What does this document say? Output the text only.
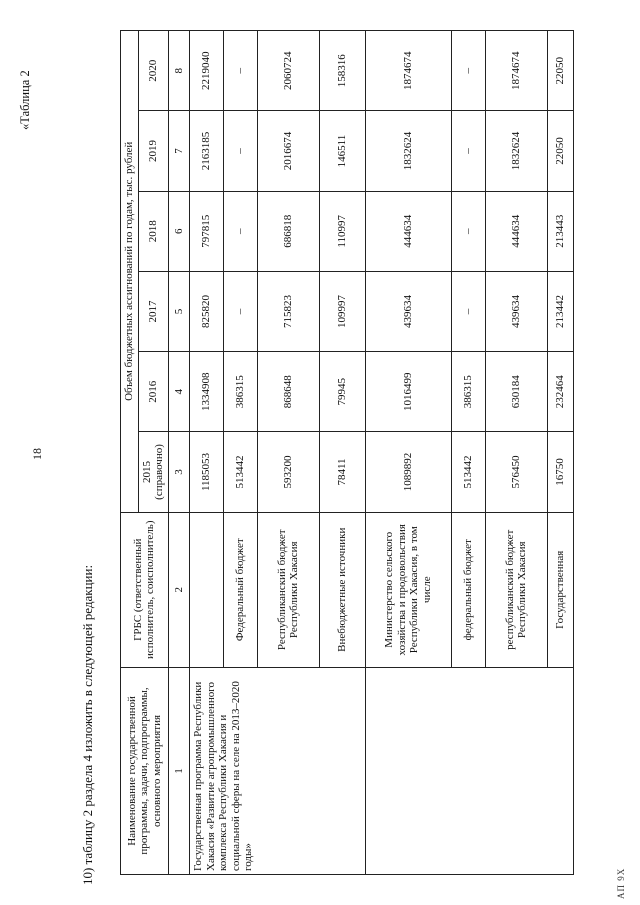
18
10) таблицу 2 раздела 4 изложить в следующей редакции:
«Таблица 2
АП 9Х
Наименование государственной программы, задачи, подпрограммы, основного мероприятия	ГРБС (ответственный исполнитель, соисполнитель)	Объем бюджетных ассигнований по годам, тыс. рублей					
		2015 (справочно)	2016	2017	2018	2019	2020
1	2	3	4	5	6	7	8
Государственная программа Республики Хакасия «Развитие агропромышленного комплекса Республики Хакасия и социальной сферы на селе на 2013–2020 годы»		1185053	1334908	825820	797815	2163185	2219040
	Федеральный бюджет	513442	386315	–	–	–	–
	Республиканский бюджет Республики Хакасия	593200	868648	715823	686818	2016674	2060724
	Внебюджетные источники	78411	79945	109997	110997	146511	158316
	Министерство сельского хозяйства и продовольствия Республики Хакасия, в том числе	1089892	1016499	439634	444634	1832624	1874674
	федеральный бюджет	513442	386315	–	–	–	–
	республиканский бюджет Республики Хакасия	576450	630184	439634	444634	1832624	1874674
	Государственная	16750	232464	213442	213443	22050	22050
